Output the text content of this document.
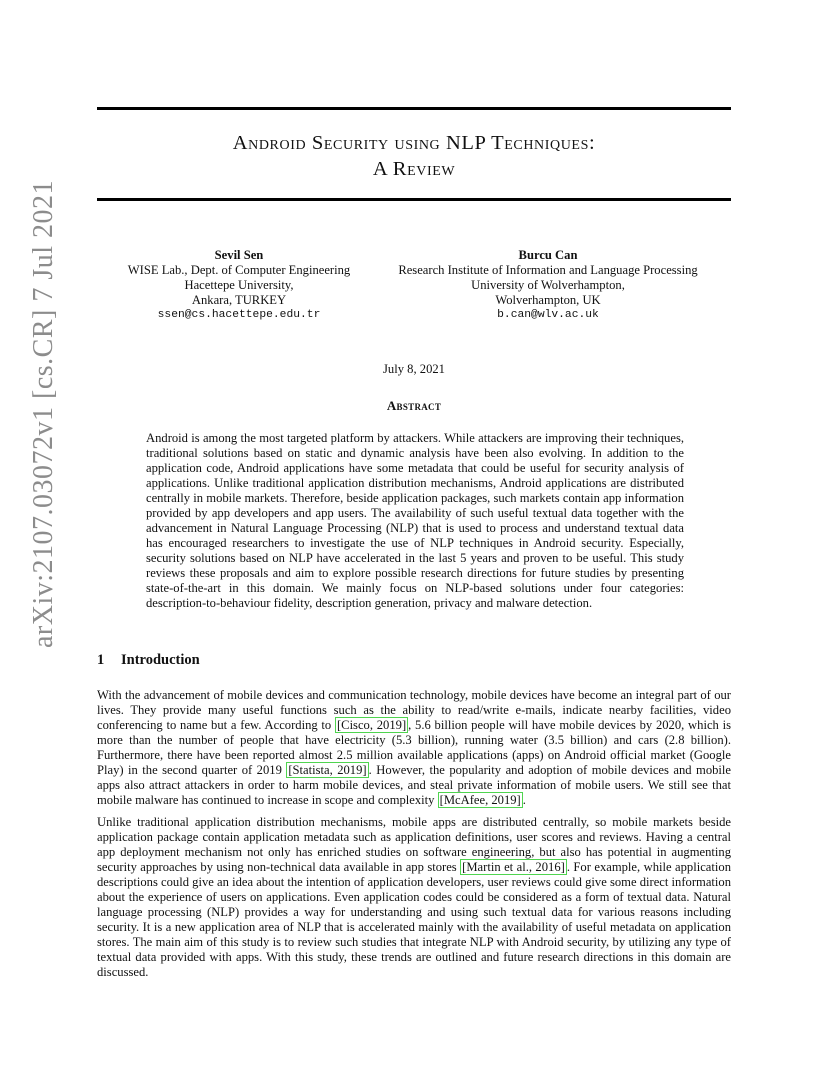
arXiv:2107.03072v1 [cs.CR] 7 Jul 2021
Android Security using NLP Techniques:
A Review
Sevil Sen
WISE Lab., Dept. of Computer Engineering
Hacettepe University,
Ankara, TURKEY
ssen@cs.hacettepe.edu.tr
Burcu Can
Research Institute of Information and Language Processing
University of Wolverhampton,
Wolverhampton, UK
b.can@wlv.ac.uk
July 8, 2021
Abstract
Android is among the most targeted platform by attackers. While attackers are improving their techniques, traditional solutions based on static and dynamic analysis have been also evolving. In addition to the application code, Android applications have some metadata that could be useful for security analysis of applications. Unlike traditional application distribution mechanisms, Android applications are distributed centrally in mobile markets. Therefore, beside application packages, such markets contain app information provided by app developers and app users. The availability of such useful textual data together with the advancement in Natural Language Processing (NLP) that is used to process and understand textual data has encouraged researchers to investigate the use of NLP techniques in Android security. Especially, security solutions based on NLP have accelerated in the last 5 years and proven to be useful. This study reviews these proposals and aim to explore possible research directions for future studies by presenting state-of-the-art in this domain. We mainly focus on NLP-based solutions under four categories: description-to-behaviour fidelity, description generation, privacy and malware detection.
1 Introduction
With the advancement of mobile devices and communication technology, mobile devices have become an integral part of our lives. They provide many useful functions such as the ability to read/write e-mails, indicate nearby facilities, video conferencing to name but a few. According to [Cisco, 2019] , 5.6 billion people will have mobile devices by 2020, which is more than the number of people that have electricity (5.3 billion), running water (3.5 billion) and cars (2.8 billion). Furthermore, there have been reported almost 2.5 million available applications (apps) on Android official market (Google Play) in the second quarter of 2019 [Statista, 2019] . However, the popularity and adoption of mobile devices and mobile apps also attract attackers in order to harm mobile devices, and steal private information of mobile users. We still see that mobile malware has continued to increase in scope and complexity [McAfee, 2019] .
Unlike traditional application distribution mechanisms, mobile apps are distributed centrally, so mobile markets beside application package contain application metadata such as application definitions, user scores and reviews. Having a central app deployment mechanism not only has enriched studies on software engineering, but also has potential in augmenting security approaches by using non-technical data available in app stores [Martin et al., 2016] . For example, while application descriptions could give an idea about the intention of application developers, user reviews could give some direct information about the experience of users on applications. Even application codes could be considered as a form of textual data. Natural language processing (NLP) provides a way for understanding and using such textual data for various reasons including security. It is a new application area of NLP that is accelerated mainly with the availability of useful metadata on application stores. The main aim of this study is to review such studies that integrate NLP with Android security, by utilizing any type of textual data provided with apps. With this study, these trends are outlined and future research directions in this domain are discussed.
